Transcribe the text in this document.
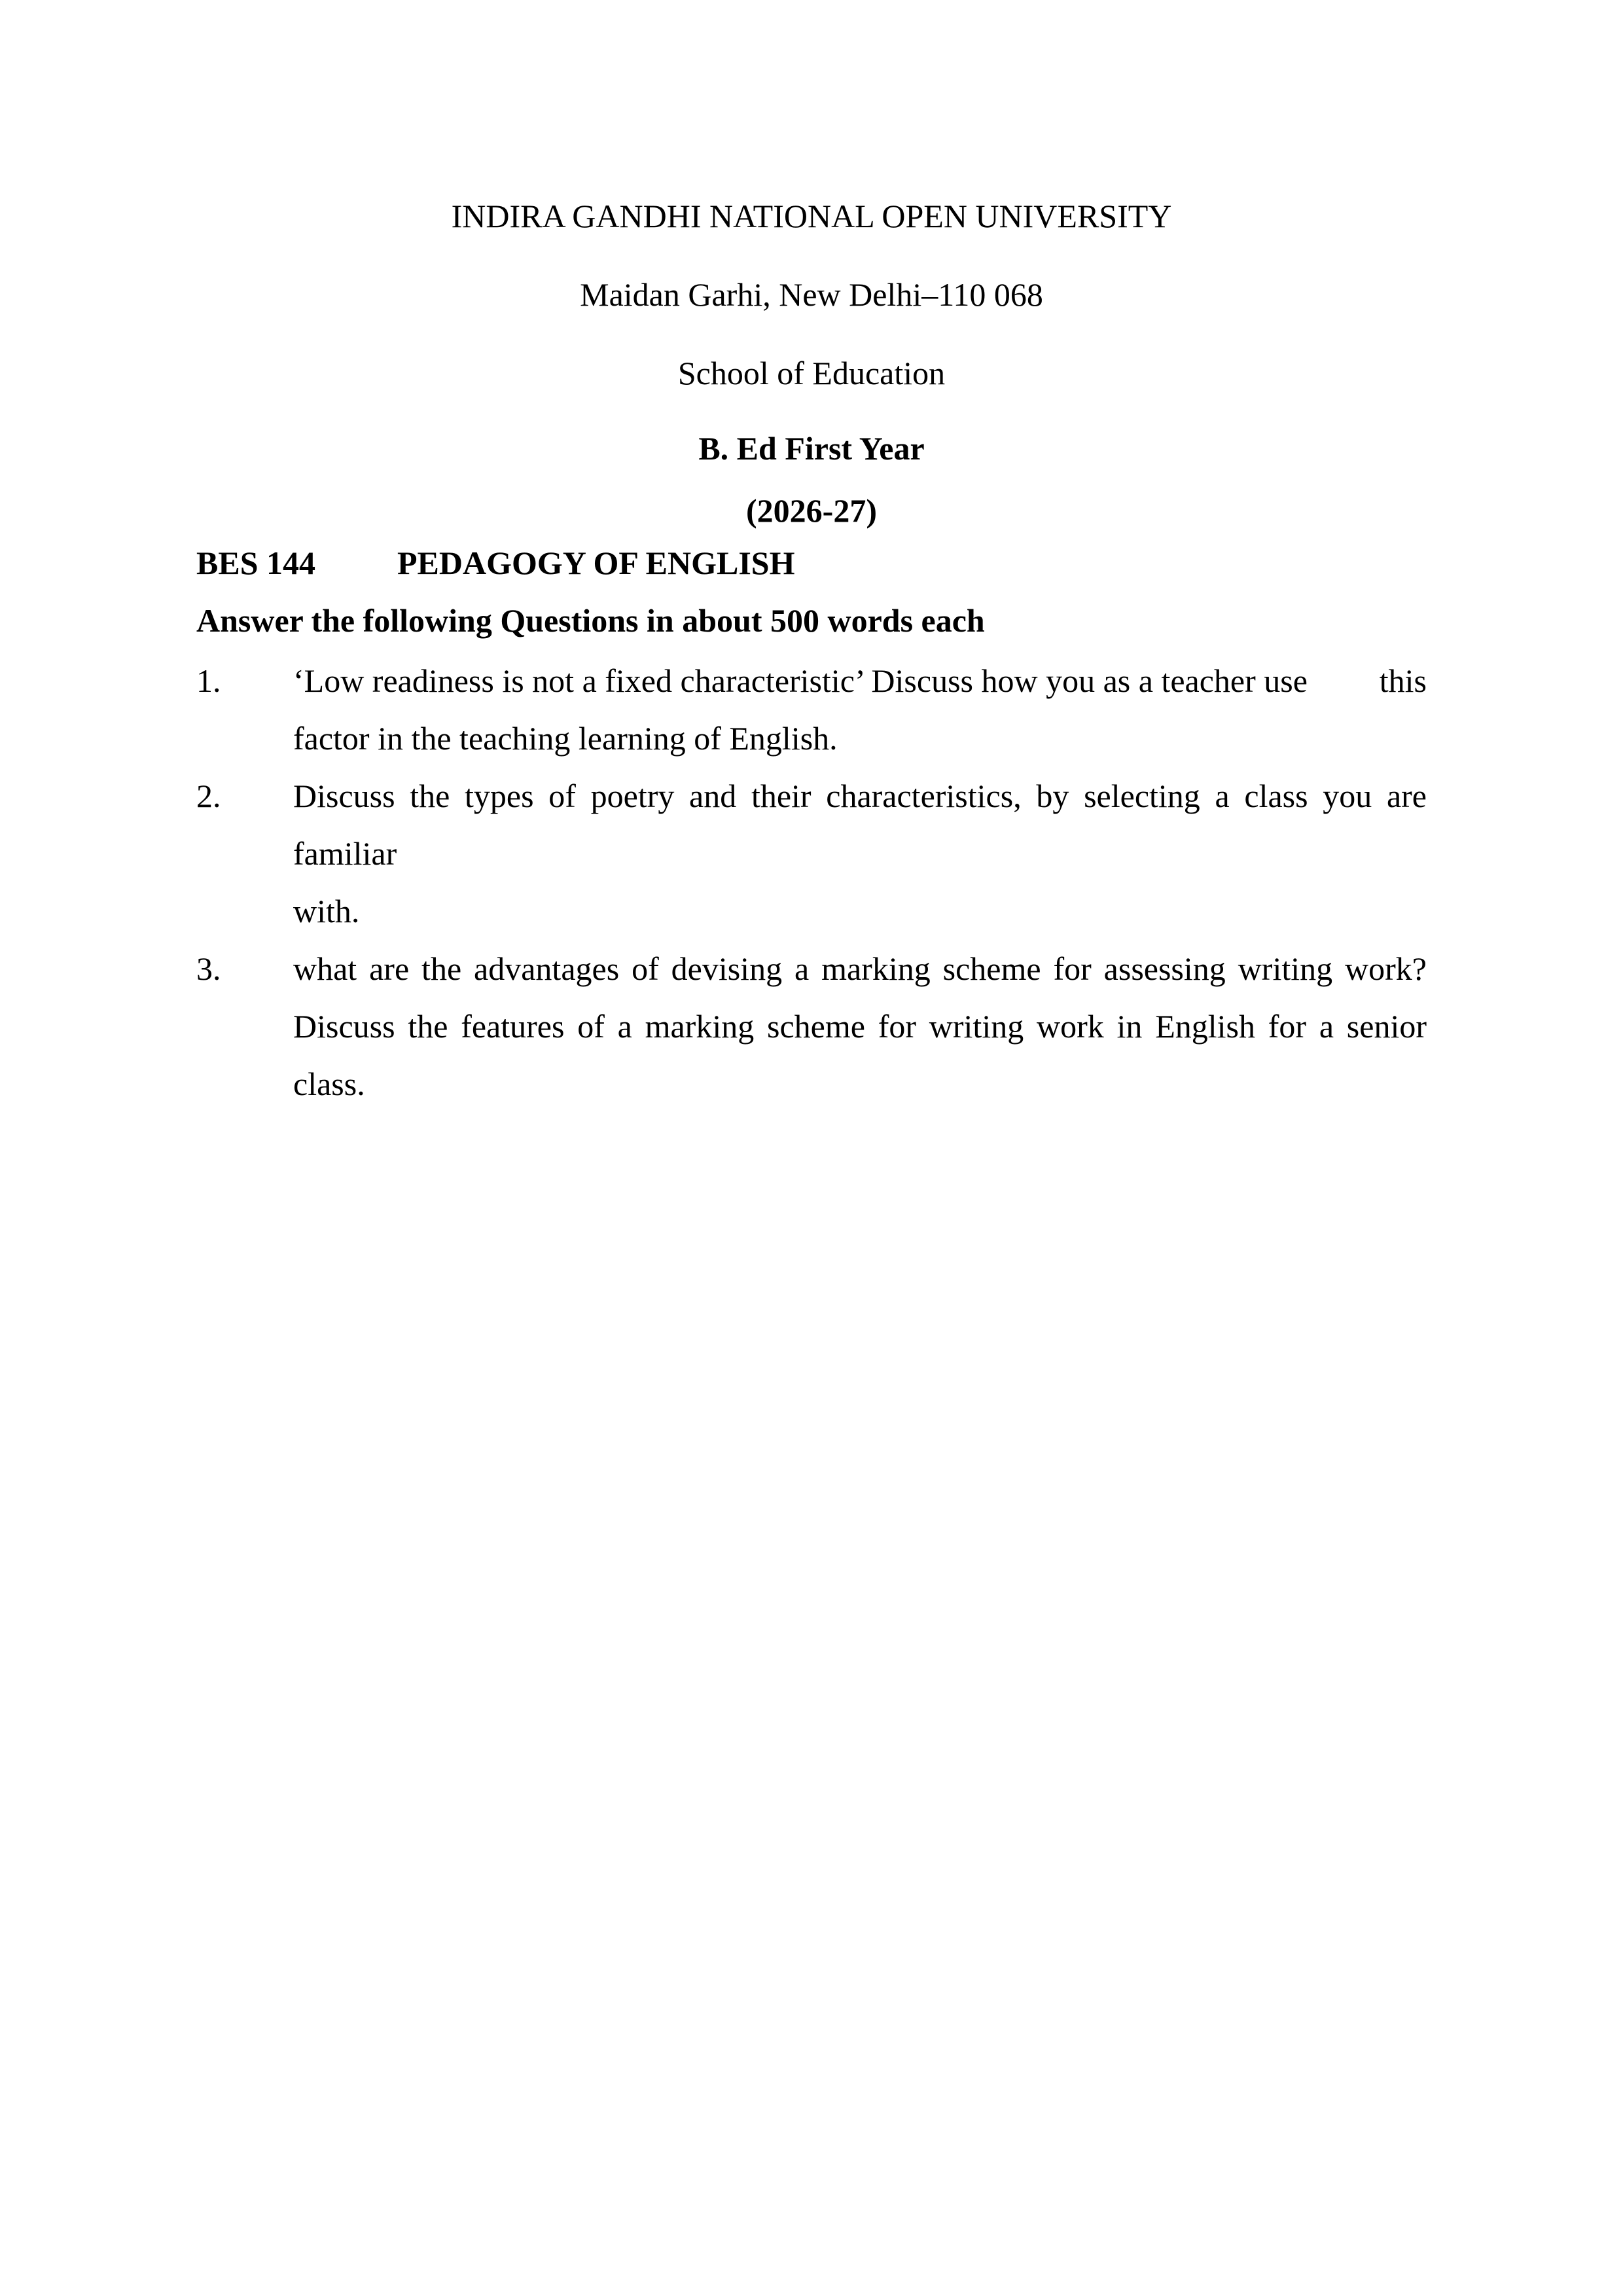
INDIRA GANDHI NATIONAL OPEN UNIVERSITY
Maidan Garhi, New Delhi–110 068
School of Education
B. Ed First Year
(2026-27)
BES 144 PEDAGOGY OF ENGLISH
Answer the following Questions in about 500 words each
1.	‘Low readiness is not a fixed characteristic’ Discuss how you as a teacher use this
factor in the teaching learning of English.
2.	Discuss the types of poetry and their characteristics, by selecting a class you are familiar
with.
3.	what are the advantages of devising a marking scheme for assessing writing work?
Discuss the features of a marking scheme for writing work in English for a senior class.
